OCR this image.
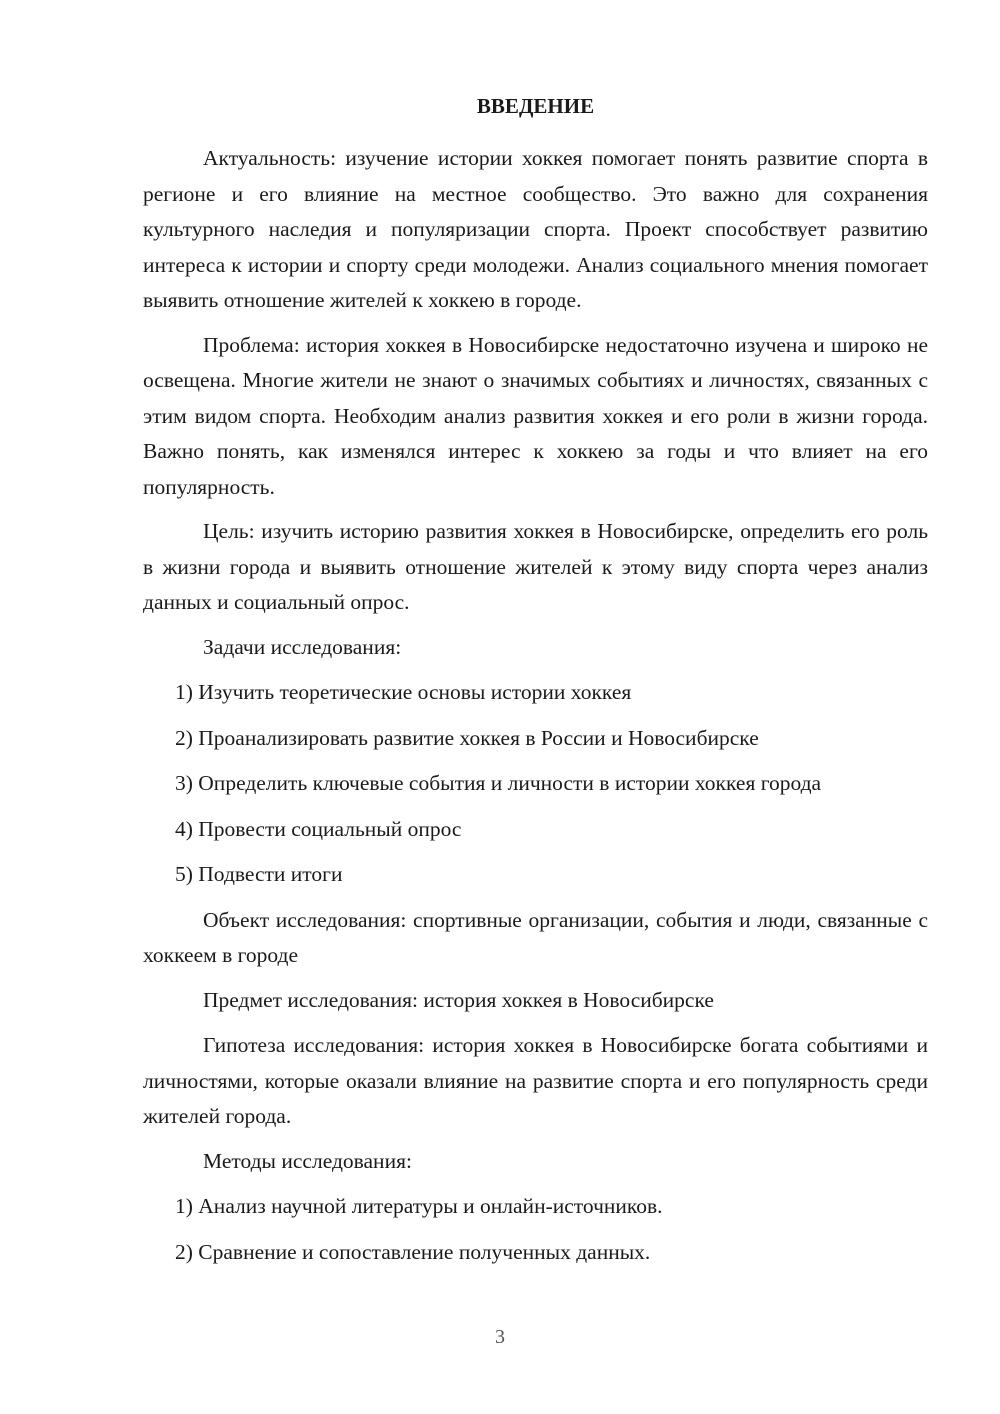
ВВЕДЕНИЕ
Актуальность: изучение истории хоккея помогает понять развитие спорта в регионе и его влияние на местное сообщество. Это важно для сохранения культурного наследия и популяризации спорта. Проект способствует развитию интереса к истории и спорту среди молодежи. Анализ социального мнения помогает выявить отношение жителей к хоккею в городе.
Проблема: история хоккея в Новосибирске недостаточно изучена и широко не освещена. Многие жители не знают о значимых событиях и личностях, связанных с этим видом спорта. Необходим анализ развития хоккея и его роли в жизни города. Важно понять, как изменялся интерес к хоккею за годы и что влияет на его популярность.
Цель: изучить историю развития хоккея в Новосибирске, определить его роль в жизни города и выявить отношение жителей к этому виду спорта через анализ данных и социальный опрос.
Задачи исследования:
1) Изучить теоретические основы истории хоккея
2) Проанализировать развитие хоккея в России и Новосибирске
3) Определить ключевые события и личности в истории хоккея города
4) Провести социальный опрос
5) Подвести итоги
Объект исследования: спортивные организации, события и люди, связанные с хоккеем в городе
Предмет исследования: история хоккея в Новосибирске
Гипотеза исследования: история хоккея в Новосибирске богата событиями и личностями, которые оказали влияние на развитие спорта и его популярность среди жителей города.
Методы исследования:
1) Анализ научной литературы и онлайн-источников.
2) Сравнение и сопоставление полученных данных.
3
